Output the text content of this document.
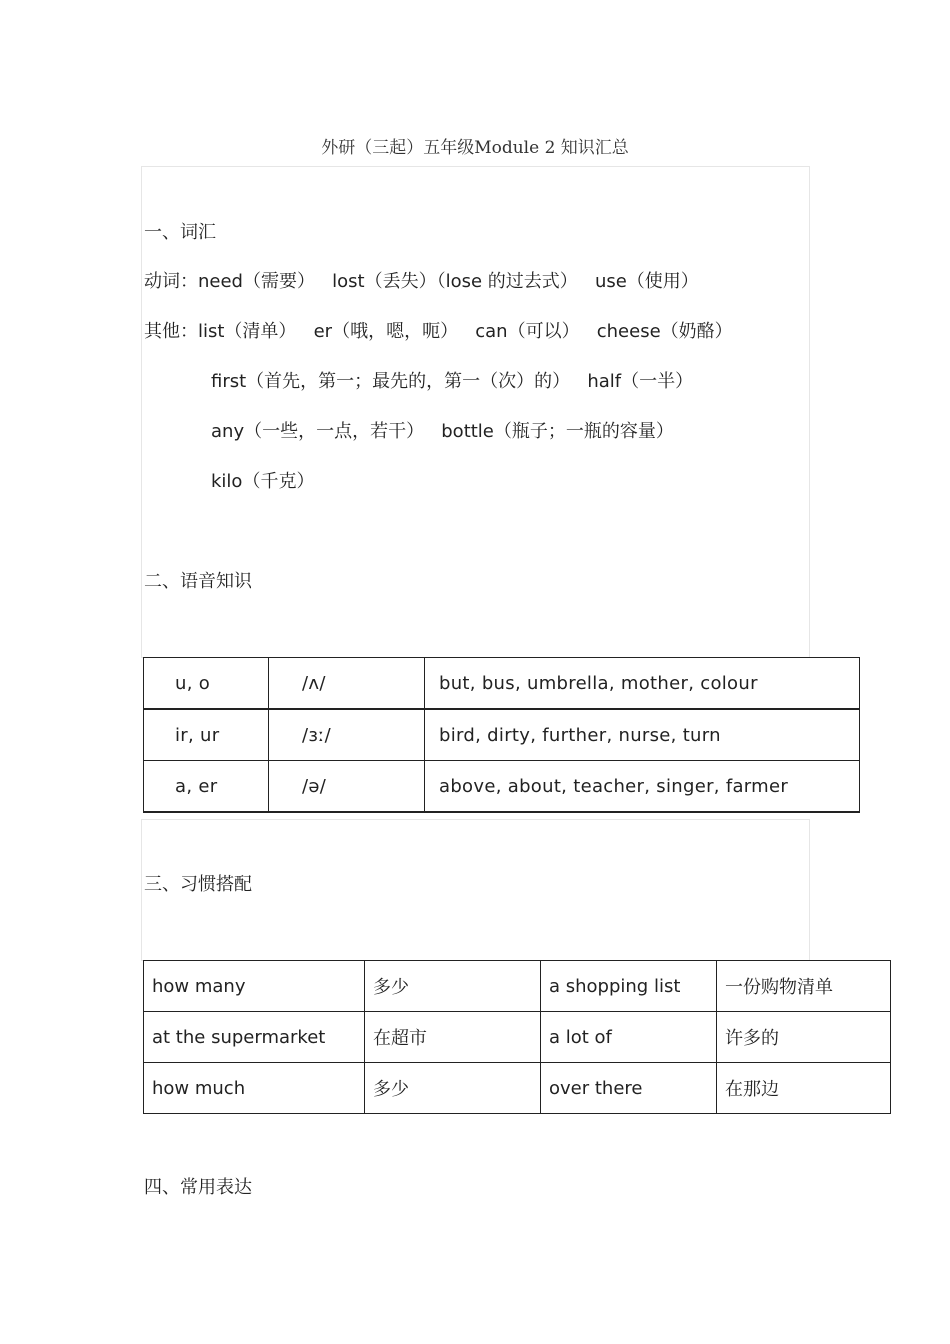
外研（三起）五年级Module 2 知识汇总
一、词汇
动词：need（需要）   lost（丢失）（lose 的过去式）   use（使用）
其他：list（清单）   er（哦，嗯，呃）   can（可以）   cheese（奶酪）
first（首先，第一；最先的，第一（次）的）   half（一半）
any（一些，一点，若干）   bottle（瓶子；一瓶的容量）
kilo（千克）
二、语音知识
u, o	/ʌ/	but, bus, umbrella, mother, colour
ir, ur	/ɜː/	bird, dirty, further, nurse, turn
a, er	/ə/	above, about, teacher, singer, farmer
三、习惯搭配
how many	多少	a shopping list	一份购物清单
at the supermarket	在超市	a lot of	许多的
how much	多少	over there	在那边
四、常用表达
